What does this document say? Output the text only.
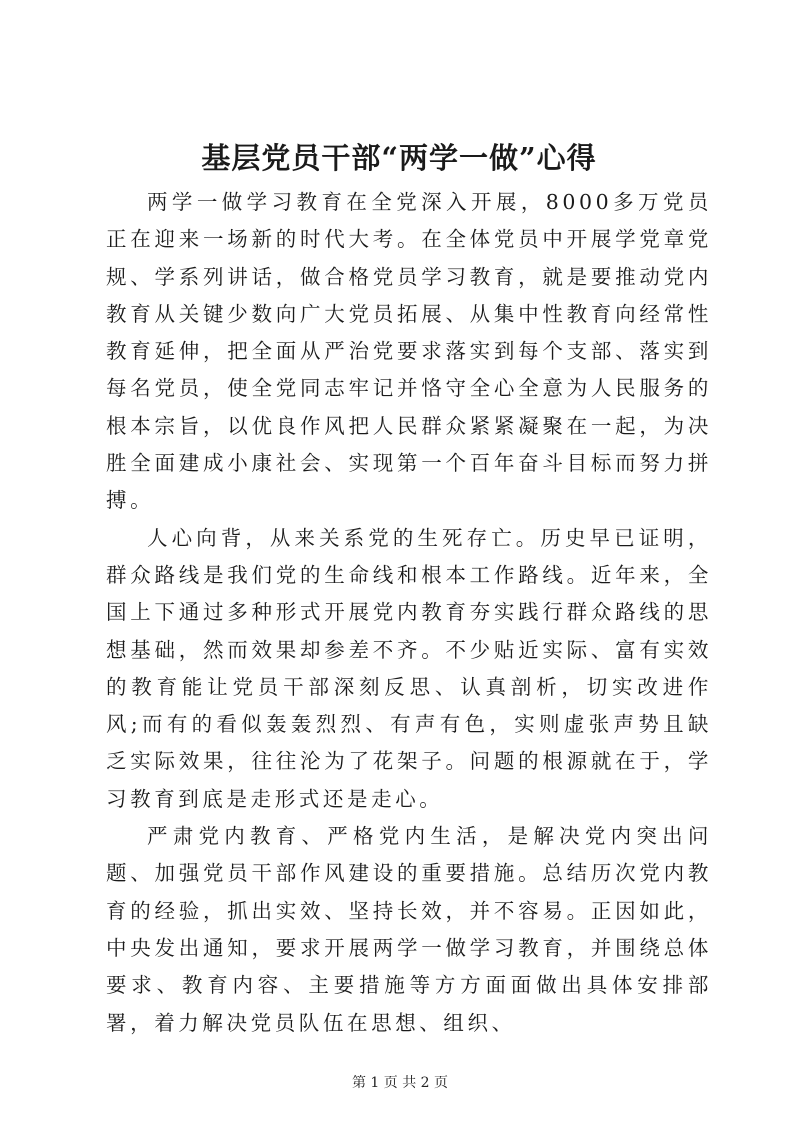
基层党员干部“两学一做”心得

两学一做学习教育在全党深入开展，8000多万党员正在迎来一场新的时代大考。在全体党员中开展学党章党规、学系列讲话，做合格党员学习教育，就是要推动党内教育从关键少数向广大党员拓展、从集中性教育向经常性教育延伸，把全面从严治党要求落实到每个支部、落实到每名党员，使全党同志牢记并恪守全心全意为人民服务的根本宗旨，以优良作风把人民群众紧紧凝聚在一起，为决胜全面建成小康社会、实现第一个百年奋斗目标而努力拼搏。

人心向背，从来关系党的生死存亡。历史早已证明，群众路线是我们党的生命线和根本工作路线。近年来，全国上下通过多种形式开展党内教育夯实践行群众路线的思想基础，然而效果却参差不齐。不少贴近实际、富有实效的教育能让党员干部深刻反思、认真剖析，切实改进作风;而有的看似轰轰烈烈、有声有色，实则虚张声势且缺乏实际效果，往往沦为了花架子。问题的根源就在于，学习教育到底是走形式还是走心。

严肃党内教育、严格党内生活，是解决党内突出问题、加强党员干部作风建设的重要措施。总结历次党内教育的经验，抓出实效、坚持长效，并不容易。正因如此，中央发出通知，要求开展两学一做学习教育，并围绕总体要求、教育内容、主要措施等方方面面做出具体安排部署，着力解决党员队伍在思想、组织、

第 1 页 共 2 页
